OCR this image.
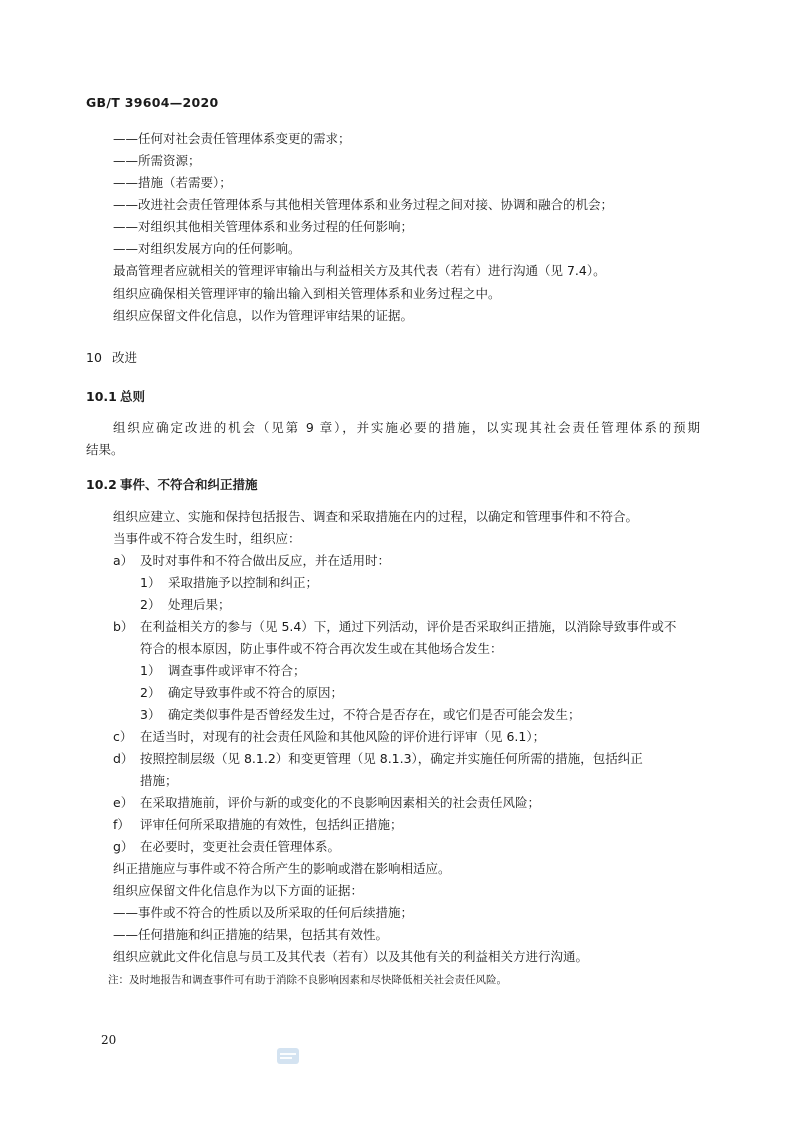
GB/T 39604—2020
——任何对社会责任管理体系变更的需求；
——所需资源；
——措施（若需要）；
——改进社会责任管理体系与其他相关管理体系和业务过程之间对接、协调和融合的机会；
——对组织其他相关管理体系和业务过程的任何影响；
——对组织发展方向的任何影响。
最高管理者应就相关的管理评审输出与利益相关方及其代表（若有）进行沟通（见 7.4）。
组织应确保相关管理评审的输出输入到相关管理体系和业务过程之中。
组织应保留文件化信息，以作为管理评审结果的证据。
10 改进
10.1 总则
组织应确定改进的机会（见第 9 章），并实施必要的措施，以实现其社会责任管理体系的预期
结果。
10.2 事件、不符合和纠正措施
组织应建立、实施和保持包括报告、调查和采取措施在内的过程，以确定和管理事件和不符合。
当事件或不符合发生时，组织应：
a） 及时对事件和不符合做出反应，并在适用时：
1） 采取措施予以控制和纠正；
2） 处理后果；
b） 在利益相关方的参与（见 5.4）下，通过下列活动，评价是否采取纠正措施，以消除导致事件或不
符合的根本原因，防止事件或不符合再次发生或在其他场合发生：
1） 调查事件或评审不符合；
2） 确定导致事件或不符合的原因；
3） 确定类似事件是否曾经发生过，不符合是否存在，或它们是否可能会发生；
c） 在适当时，对现有的社会责任风险和其他风险的评价进行评审（见 6.1）；
d） 按照控制层级（见 8.1.2）和变更管理（见 8.1.3），确定并实施任何所需的措施，包括纠正
措施；
e） 在采取措施前，评价与新的或变化的不良影响因素相关的社会责任风险；
f） 评审任何所采取措施的有效性，包括纠正措施；
g） 在必要时，变更社会责任管理体系。
纠正措施应与事件或不符合所产生的影响或潜在影响相适应。
组织应保留文件化信息作为以下方面的证据：
——事件或不符合的性质以及所采取的任何后续措施；
——任何措施和纠正措施的结果，包括其有效性。
组织应就此文件化信息与员工及其代表（若有）以及其他有关的利益相关方进行沟通。
注：及时地报告和调查事件可有助于消除不良影响因素和尽快降低相关社会责任风险。
20
